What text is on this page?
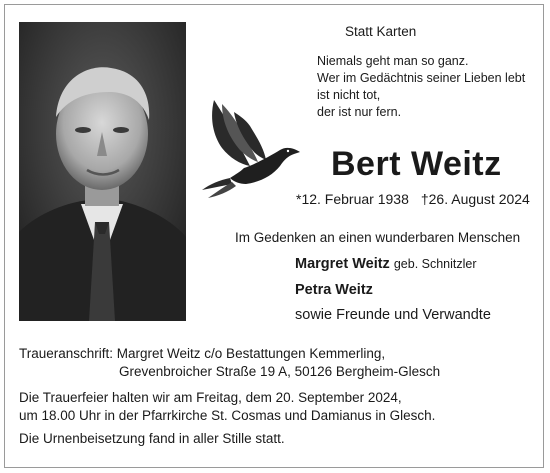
Statt Karten
Niemals geht man so ganz.
Wer im Gedächtnis seiner Lieben lebt
ist nicht tot,
der ist nur fern.
Bert Weitz
*12. Februar 1938 †26. August 2024
Im Gedenken an einen wunderbaren Menschen
Margret Weitz geb. Schnitzler
Petra Weitz
sowie Freunde und Verwandte
Traueranschrift: Margret Weitz c/o Bestattungen Kemmerling,
Grevenbroicher Straße 19 A, 50126 Bergheim-Glesch
Die Trauerfeier halten wir am Freitag, dem 20. September 2024,
um 18.00 Uhr in der Pfarrkirche St. Cosmas und Damianus in Glesch.
Die Urnenbeisetzung fand in aller Stille statt.
